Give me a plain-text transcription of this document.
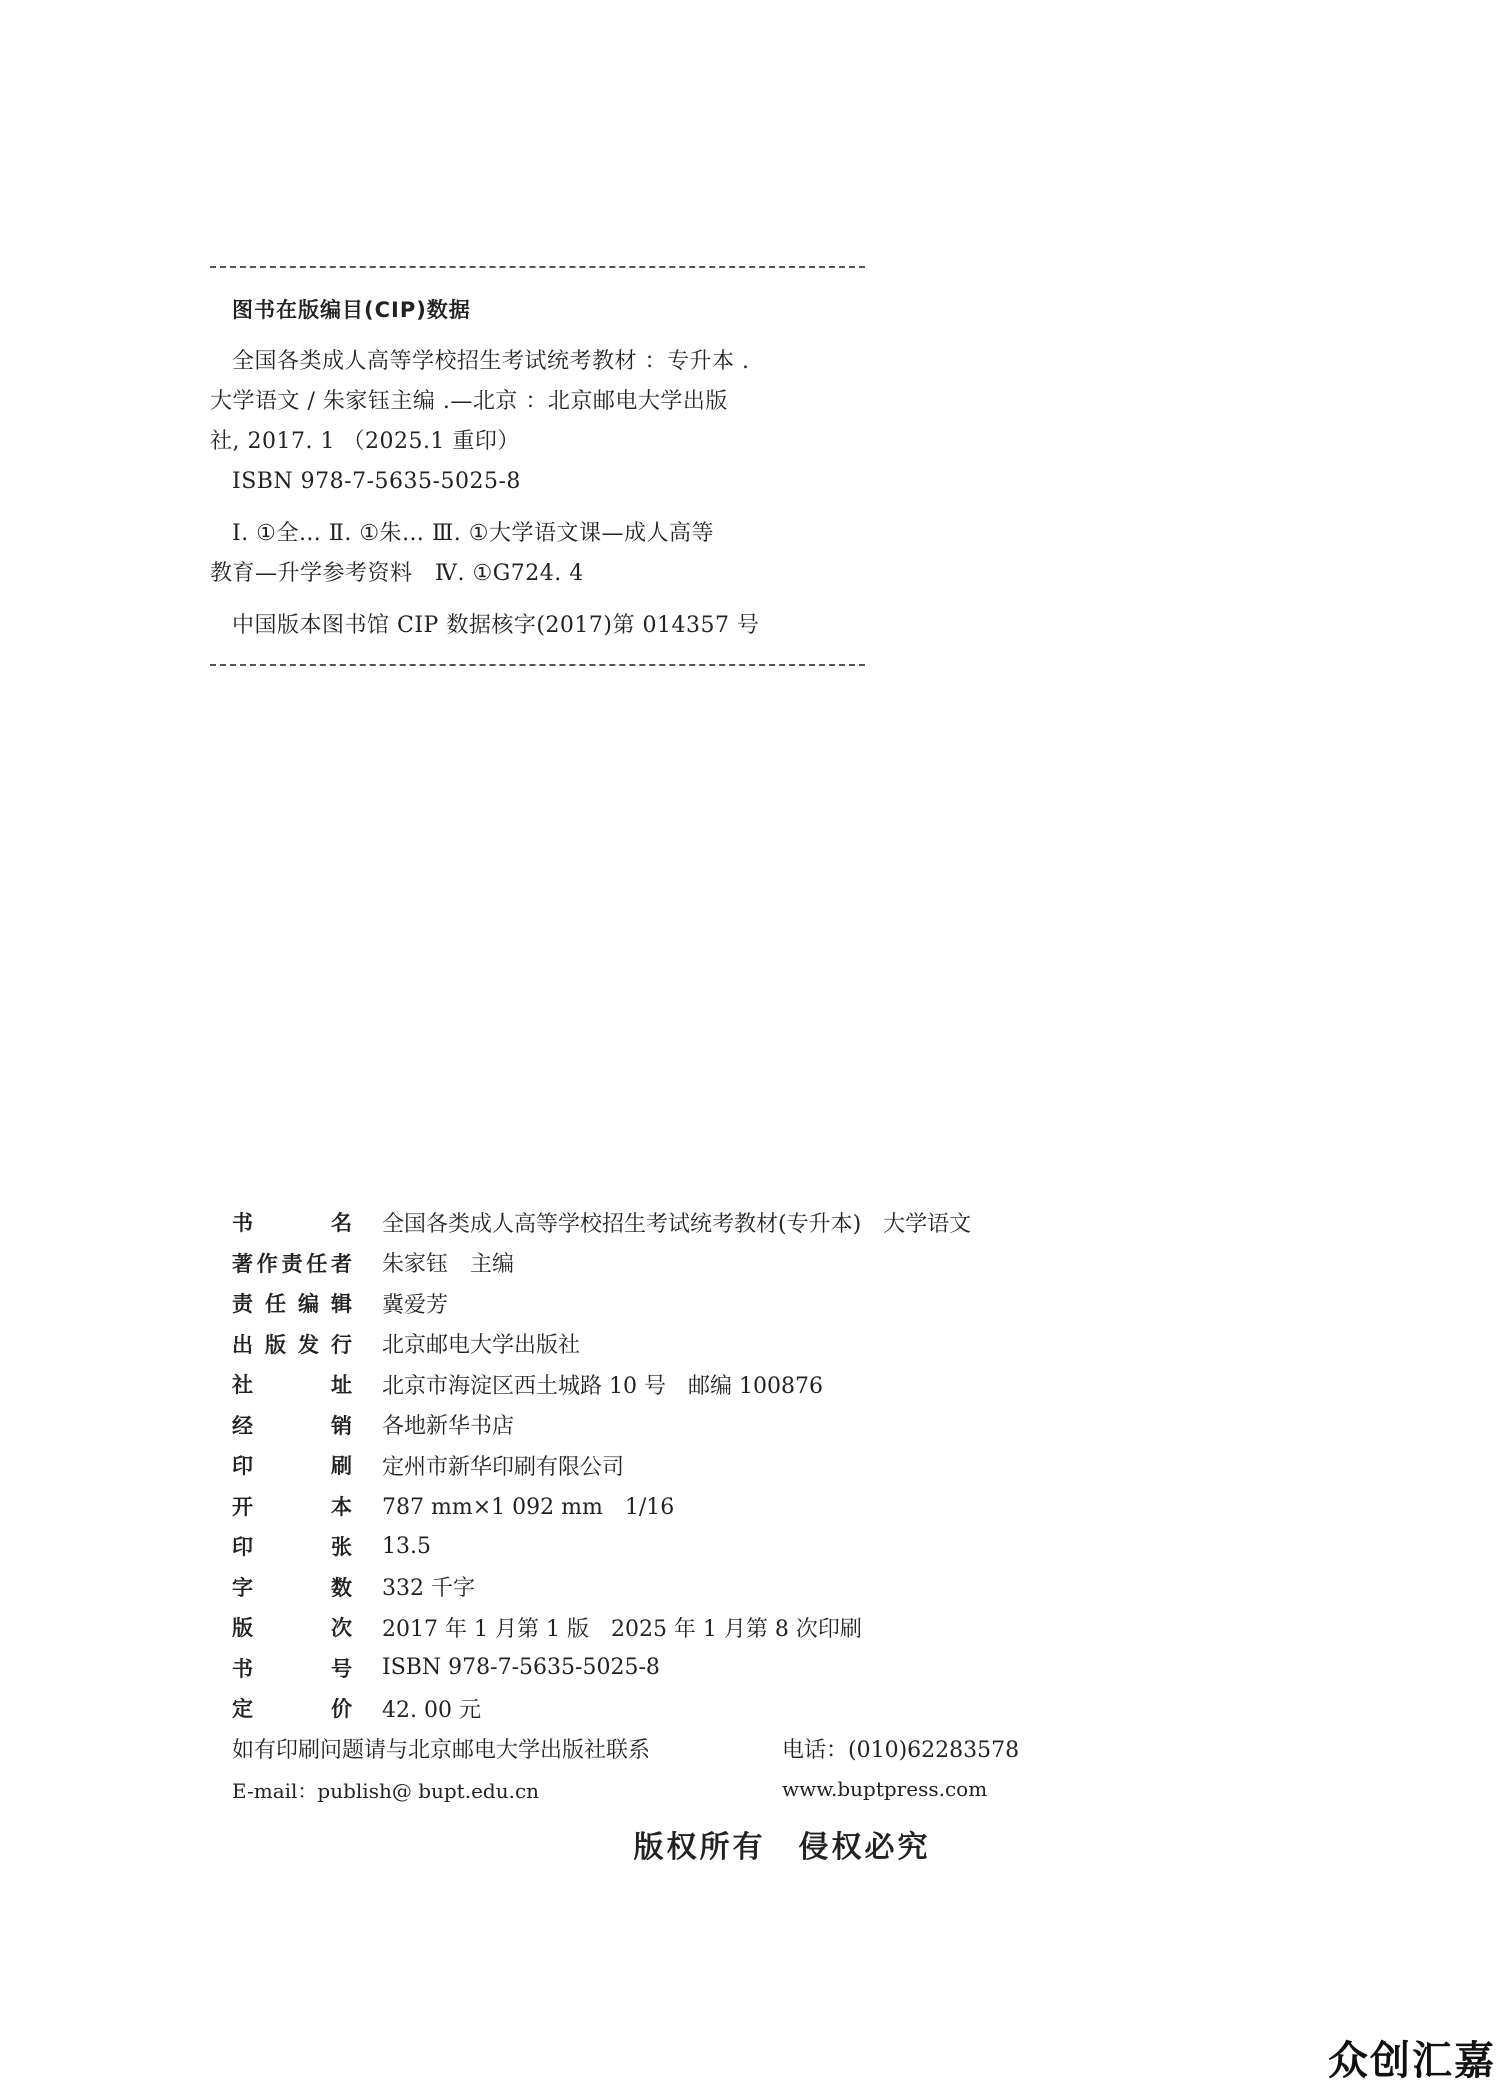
图书在版编目(CIP)数据

全国各类成人高等学校招生考试统考教材 ：专升本 .

大学语文 / 朱家钰主编 .—北京 ：北京邮电大学出版

社, 2017. 1 （2025.1 重印）

ISBN 978-7-5635-5025-8

Ⅰ. ①全… Ⅱ. ①朱… Ⅲ. ①大学语文课—成人高等

教育—升学参考资料　Ⅳ. ①G724. 4

中国版本图书馆 CIP 数据核字(2017)第 014357 号

书	名 全国各类成人高等学校招生考试统考教材(专升本)　大学语文
著 作 责 任 者 朱家钰　主编
责 任 编 辑 冀爱芳
出 版 发 行 北京邮电大学出版社
社	址 北京市海淀区西土城路 10 号　邮编 100876
经	销 各地新华书店
印	刷 定州市新华印刷有限公司
开	本 787 mm×1 092 mm　1/16
印	张 13.5
字	数 332 千字
版	次 2017 年 1 月第 1 版　2025 年 1 月第 8 次印刷
书	号 ISBN 978-7-5635-5025-8
定	价 42. 00 元
如有印刷问题请与北京邮电大学出版社联系	电话：(010)62283578
E-mail：publish@ bupt.edu.cn	www.buptpress.com
版权所有　侵权必究
众创汇嘉
